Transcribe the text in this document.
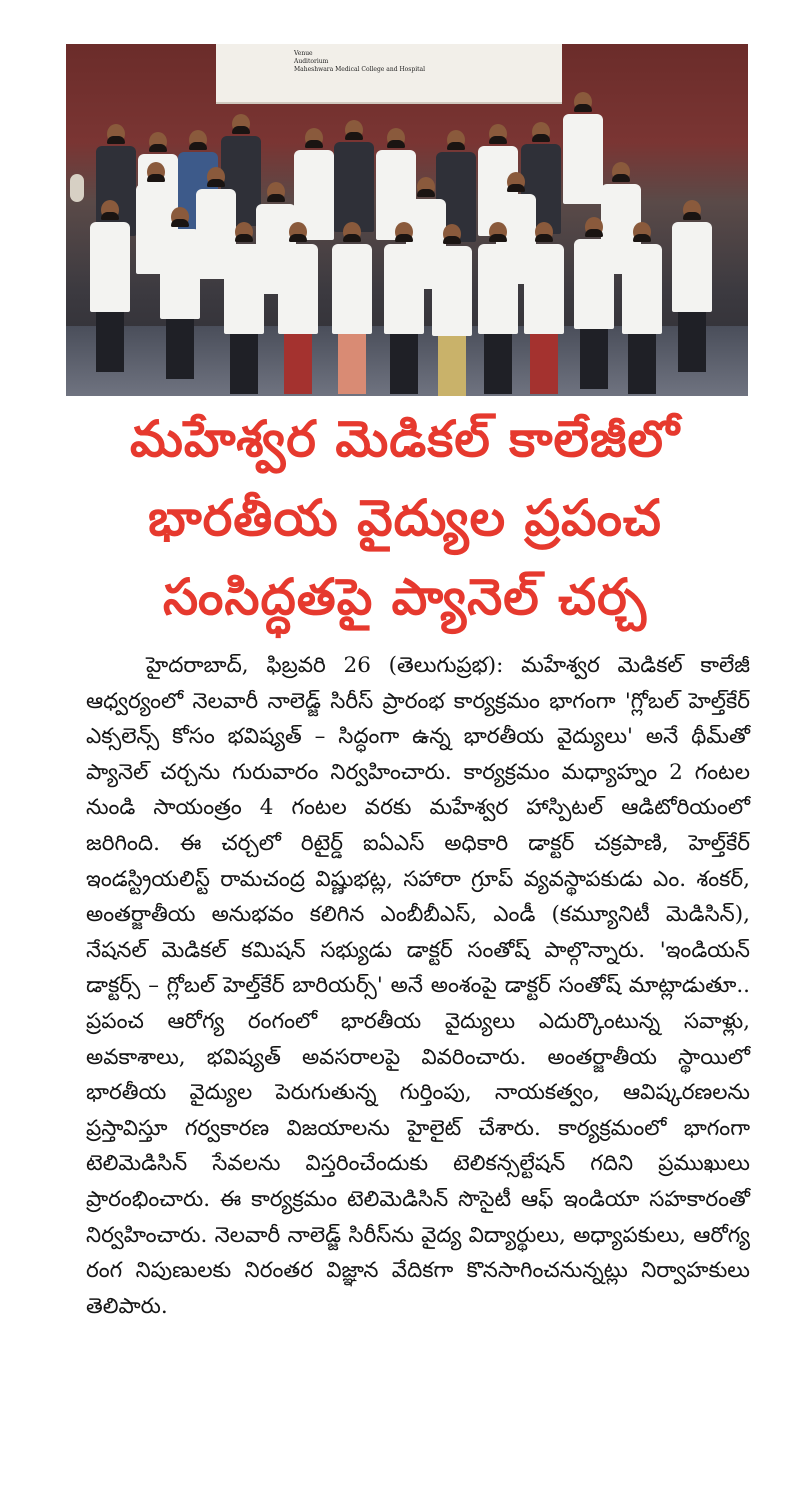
Venue
Auditorium
Maheshwara Medical College and Hospital
మహేశ్వర మెడికల్ కాలేజీలో
భారతీయ వైద్యుల ప్రపంచ
సంసిద్ధతపై ప్యానెల్ చర్చ

హైదరాబాద్, ఫిబ్రవరి 26 (తెలుగుప్రభ): మహేశ్వర మెడికల్ కాలేజీ ఆధ్వర్యంలో నెలవారీ నాలెడ్జ్ సిరీస్ ప్రారంభ కార్యక్రమం భాగంగా 'గ్లోబల్ హెల్త్‌కేర్ ఎక్సలెన్స్ కోసం భవిష్యత్ – సిద్ధంగా ఉన్న భారతీయ వైద్యులు' అనే థీమ్‌తో ప్యానెల్ చర్చను గురువారం నిర్వహించారు. కార్యక్రమం మధ్యాహ్నం 2 గంటల నుండి సాయంత్రం 4 గంటల వరకు మహేశ్వర హాస్పిటల్ ఆడిటోరియంలో జరిగింది. ఈ చర్చలో రిటైర్డ్ ఐఏఎస్ అధికారి డాక్టర్ చక్రపాణి, హెల్త్‌కేర్ ఇండస్ట్రియలిస్ట్ రామచంద్ర విష్ణుభట్ల, సహారా గ్రూప్ వ్యవస్థాపకుడు ఎం. శంకర్, అంతర్జాతీయ అనుభవం కలిగిన ఎంబీబీఎస్, ఎండీ (కమ్యూనిటీ మెడిసిన్), నేషనల్ మెడికల్ కమిషన్ సభ్యుడు డాక్టర్ సంతోష్ పాల్గొన్నారు. 'ఇండియన్ డాక్టర్స్ – గ్లోబల్ హెల్త్‌కేర్ బారియర్స్' అనే అంశంపై డాక్టర్ సంతోష్ మాట్లాడుతూ.. ప్రపంచ ఆరోగ్య రంగంలో భారతీయ వైద్యులు ఎదుర్కొంటున్న సవాళ్లు, అవకాశాలు, భవిష్యత్ అవసరాలపై వివరించారు. అంతర్జాతీయ స్థాయిలో భారతీయ వైద్యుల పెరుగుతున్న గుర్తింపు, నాయకత్వం, ఆవిష్కరణలను ప్రస్తావిస్తూ గర్వకారణ విజయాలను హైలైట్ చేశారు. కార్యక్రమంలో భాగంగా టెలిమెడిసిన్ సేవలను విస్తరించేందుకు టెలికన్సల్టేషన్ గదిని ప్రముఖులు ప్రారంభించారు. ఈ కార్యక్రమం టెలిమెడిసిన్ సొసైటీ ఆఫ్ ఇండియా సహకారంతో నిర్వహించారు. నెలవారీ నాలెడ్జ్ సిరీస్‌ను వైద్య విద్యార్థులు, అధ్యాపకులు, ఆరోగ్య రంగ నిపుణులకు నిరంతర విజ్ఞాన వేదికగా కొనసాగించనున్నట్లు నిర్వాహకులు తెలిపారు.
